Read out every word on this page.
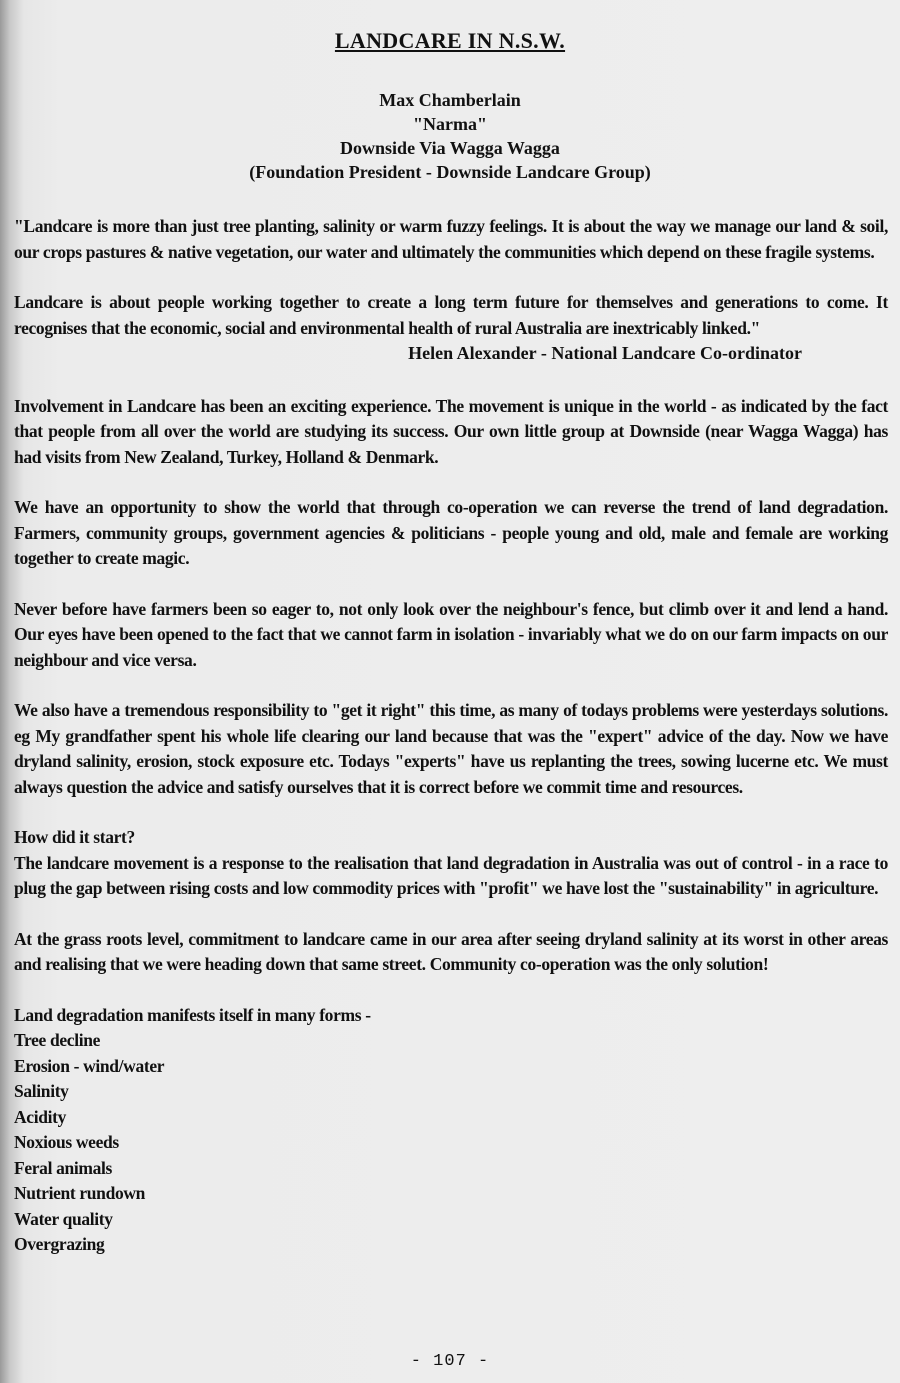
LANDCARE IN N.S.W.
Max Chamberlain
"Narma"
Downside Via Wagga Wagga
(Foundation President - Downside Landcare Group)

"Landcare is more than just tree planting, salinity or warm fuzzy feelings. It is about the way we manage our land & soil, our crops pastures & native vegetation, our water and ultimately the communities which depend on these fragile systems.

Landcare is about people working together to create a long term future for themselves and generations to come. It recognises that the economic, social and environmental health of rural Australia are inextricably linked."
Helen Alexander - National Landcare Co-ordinator

Involvement in Landcare has been an exciting experience. The movement is unique in the world - as indicated by the fact that people from all over the world are studying its success. Our own little group at Downside (near Wagga Wagga) has had visits from New Zealand, Turkey, Holland & Denmark.

We have an opportunity to show the world that through co-operation we can reverse the trend of land degradation. Farmers, community groups, government agencies & politicians - people young and old, male and female are working together to create magic.

Never before have farmers been so eager to, not only look over the neighbour's fence, but climb over it and lend a hand. Our eyes have been opened to the fact that we cannot farm in isolation - invariably what we do on our farm impacts on our neighbour and vice versa.

We also have a tremendous responsibility to "get it right" this time, as many of todays problems were yesterdays solutions. eg My grandfather spent his whole life clearing our land because that was the "expert" advice of the day. Now we have dryland salinity, erosion, stock exposure etc. Todays "experts" have us replanting the trees, sowing lucerne etc. We must always question the advice and satisfy ourselves that it is correct before we commit time and resources.

How did it start?

The landcare movement is a response to the realisation that land degradation in Australia was out of control - in a race to plug the gap between rising costs and low commodity prices with "profit" we have lost the "sustainability" in agriculture.

At the grass roots level, commitment to landcare came in our area after seeing dryland salinity at its worst in other areas and realising that we were heading down that same street. Community co-operation was the only solution!

Land degradation manifests itself in many forms -

Tree decline
Erosion - wind/water
Salinity
Acidity
Noxious weeds
Feral animals
Nutrient rundown
Water quality
Overgrazing
- 107 -
